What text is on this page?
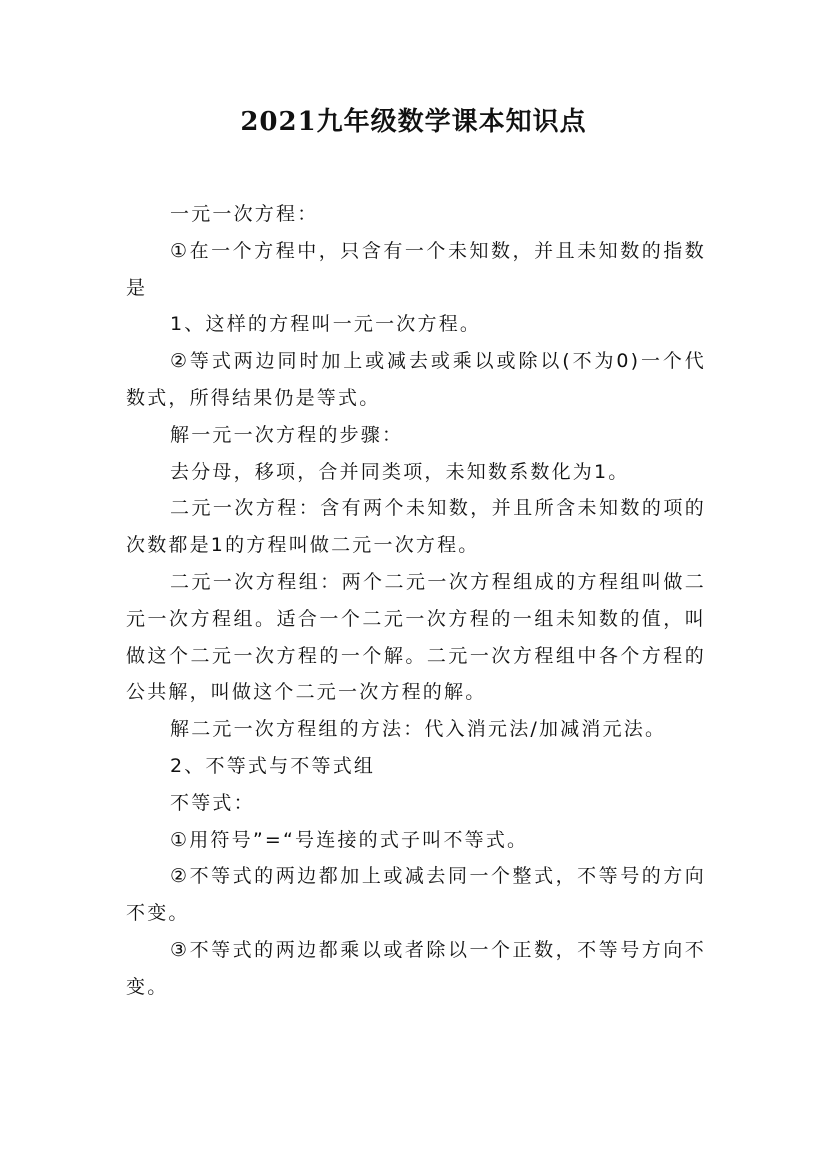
2021九年级数学课本知识点

一元一次方程：

①在一个方程中，只含有一个未知数，并且未知数的指数是

1、这样的方程叫一元一次方程。

②等式两边同时加上或减去或乘以或除以(不为0)一个代数式，所得结果仍是等式。

解一元一次方程的步骤：

去分母，移项，合并同类项，未知数系数化为1。

二元一次方程：含有两个未知数，并且所含未知数的项的次数都是1的方程叫做二元一次方程。

二元一次方程组：两个二元一次方程组成的方程组叫做二元一次方程组。适合一个二元一次方程的一组未知数的值，叫做这个二元一次方程的一个解。二元一次方程组中各个方程的公共解，叫做这个二元一次方程的解。

解二元一次方程组的方法：代入消元法/加减消元法。

2、不等式与不等式组

不等式：

①用符号”=“号连接的式子叫不等式。

②不等式的两边都加上或减去同一个整式，不等号的方向不变。

③不等式的两边都乘以或者除以一个正数，不等号方向不变。
